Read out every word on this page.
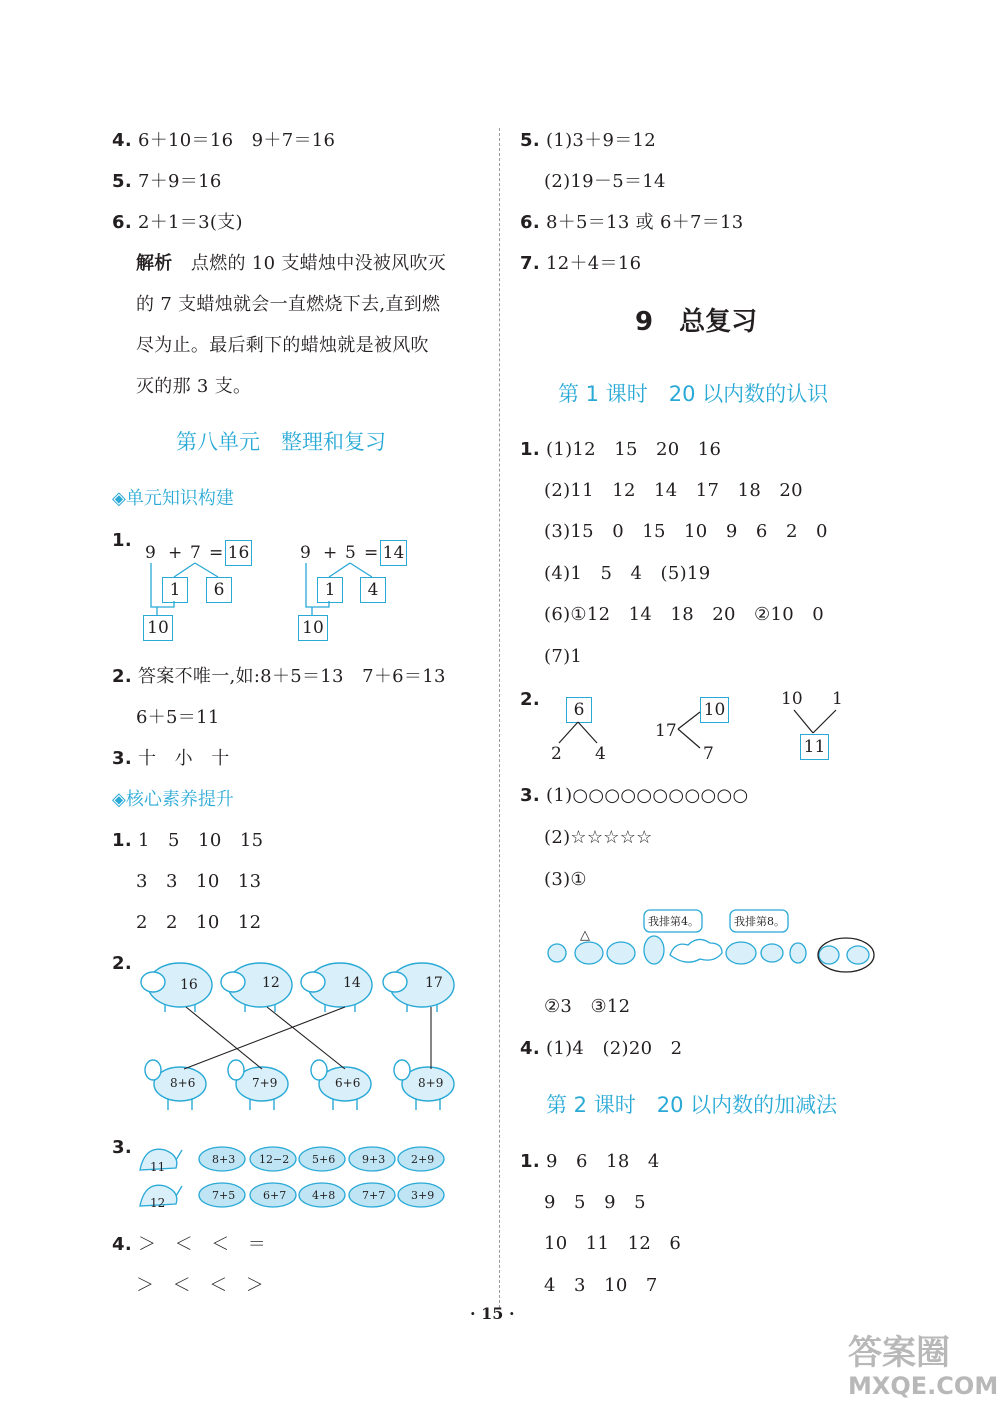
4. 6＋10＝16　9＋7＝16
5. 7＋9＝16
6. 2＋1＝3(支)
解析　 点燃的 10 支蜡烛中没被风吹灭
的 7 支蜡烛就会一直燃烧下去,直到燃
尽为止。最后剩下的蜡烛就是被风吹
灭的那 3 支。
第八单元　整理和复习
◈单元知识构建
1.
9 + 7 = 16
1	6
10
9 + 5 = 14
1	4
10
2. 答案不唯一,如:8＋5＝13　7＋6＝13
6＋5＝11
3. 十　小　十
◈核心素养提升
1. 1　5　10　15
3　3　10　13
2　2　10　12
2.
16	12	14	17
8+6	7+9	6+6	8+9
3.
11
12
8+3 12−2 5+6 9+3 2+9
7+5	6+7 4+8 7+7 3+9
4. ＞　＜　＜　＝
＞　＜　＜　＞
5. (1)3＋9＝12
(2)19－5＝14
6. 8＋5＝13 或 6＋7＝13
7. 12＋4＝16
9　总复习
第 1 课时　20 以内数的认识
1. (1)12　15　20　16
(2)11　12　14　17　18　20
(3)15　0　15　10　9　6　2　0
(4)1　5　4　(5)19
(6)①12　14　18　20　②10　0
(7)1
2.	6
2 4
17
10
7
10 1
11
3. (1)○○○○○○○○○○○
(2)☆☆☆☆☆
(3)①
我排第4。	我排第8。
△
②3　③12
4. (1)4　(2)20　2
第 2 课时　20 以内数的加减法
1. 9　6　18　4
9　5　9　5
10　11　12　6
4　3　10　7
· 15 ·
答案圈
MXQE.COM
